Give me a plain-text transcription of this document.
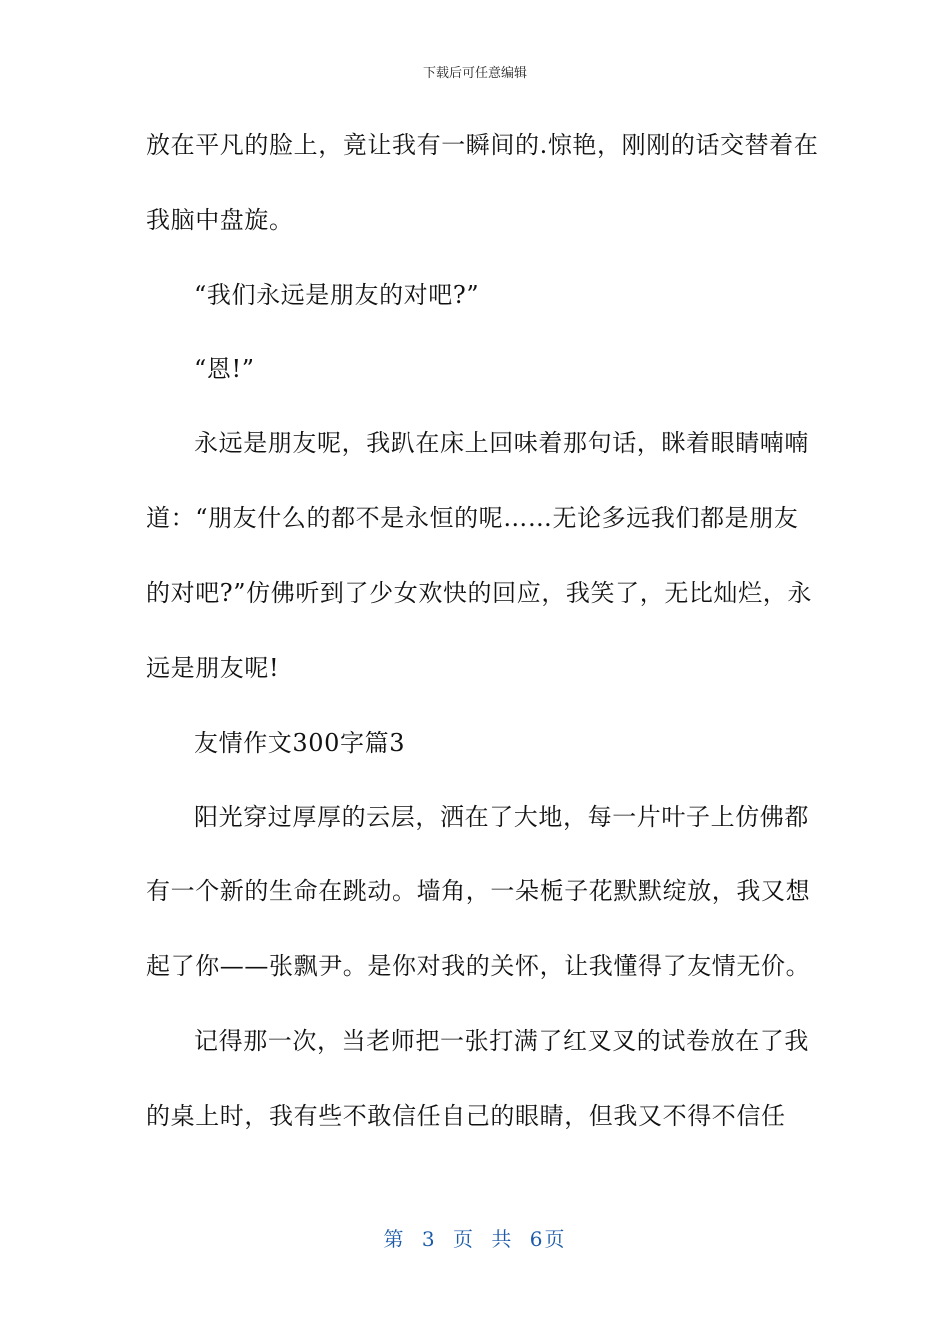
下载后可任意编辑
放在平凡的脸上，竟让我有一瞬间的.惊艳，刚刚的话交替着在
我脑中盘旋。
“我们永远是朋友的对吧?”
“恩!”
永远是朋友呢，我趴在床上回味着那句话，眯着眼睛喃喃
道：“朋友什么的都不是永恒的呢……无论多远我们都是朋友
的对吧?”仿佛听到了少女欢快的回应，我笑了，无比灿烂，永
远是朋友呢!
友情作文300字篇3
阳光穿过厚厚的云层，洒在了大地，每一片叶子上仿佛都
有一个新的生命在跳动。墙角，一朵栀子花默默绽放，我又想
起了你——张飘尹。是你对我的关怀，让我懂得了友情无价。
记得那一次，当老师把一张打满了红叉叉的试卷放在了我
的桌上时，我有些不敢信任自己的眼睛，但我又不得不信任
第 3 页 共 6页
